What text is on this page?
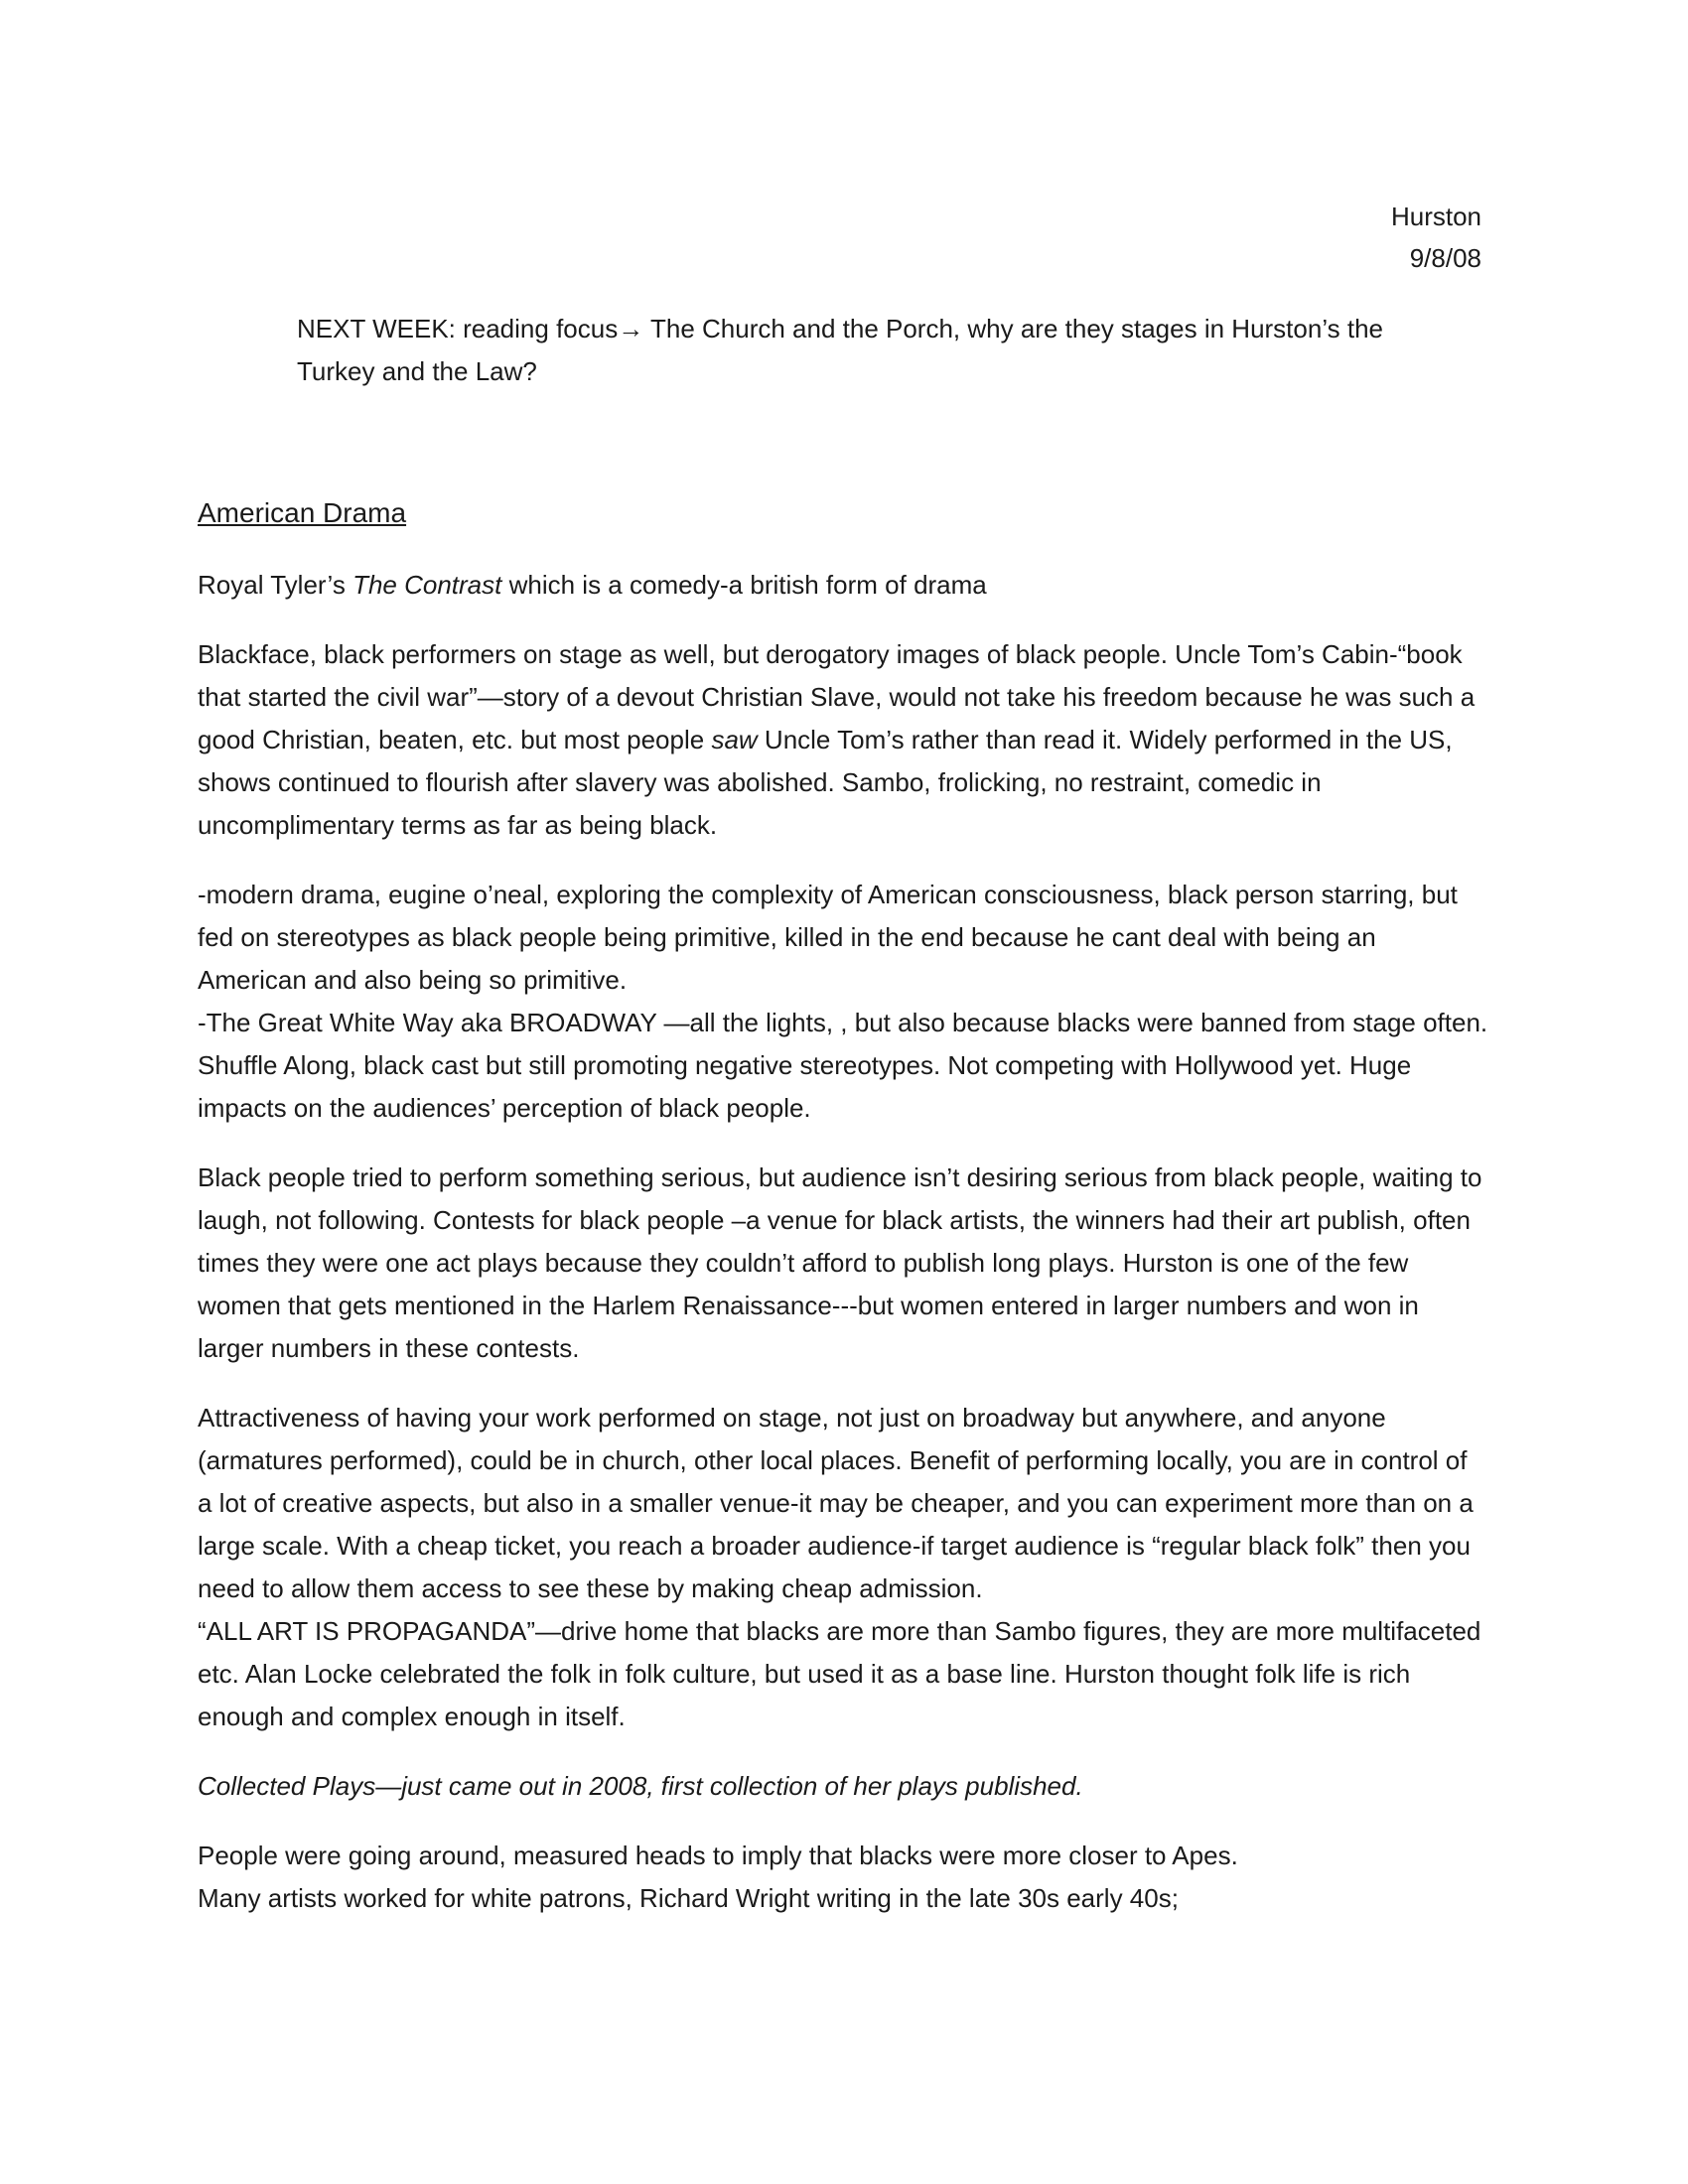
Hurston
9/8/08
NEXT WEEK: reading focus→ The Church and the Porch, why are they stages in Hurston’s the Turkey and the Law?
American Drama

Royal Tyler’s The Contrast which is a comedy-a british form of drama

Blackface, black performers on stage as well, but derogatory images of black people. Uncle Tom’s Cabin-“book that started the civil war”—story of a devout Christian Slave, would not take his freedom because he was such a good Christian, beaten, etc. but most people saw Uncle Tom’s rather than read it. Widely performed in the US, shows continued to flourish after slavery was abolished. Sambo, frolicking, no restraint, comedic in uncomplimentary terms as far as being black.

-modern drama, eugine o’neal, exploring the complexity of American consciousness, black person starring, but fed on stereotypes as black people being primitive, killed in the end because he cant deal with being an American and also being so primitive.

-The Great White Way aka BROADWAY —all the lights, , but also because blacks were banned from stage often. Shuffle Along, black cast but still promoting negative stereotypes. Not competing with Hollywood yet. Huge impacts on the audiences’ perception of black people.

Black people tried to perform something serious, but audience isn’t desiring serious from black people, waiting to laugh, not following. Contests for black people –a venue for black artists, the winners had their art publish, often times they were one act plays because they couldn’t afford to publish long plays. Hurston is one of the few women that gets mentioned in the Harlem Renaissance---but women entered in larger numbers and won in larger numbers in these contests.

Attractiveness of having your work performed on stage, not just on broadway but anywhere, and anyone (armatures performed), could be in church, other local places. Benefit of performing locally, you are in control of a lot of creative aspects, but also in a smaller venue-it may be cheaper, and you can experiment more than on a large scale. With a cheap ticket, you reach a broader audience-if target audience is “regular black folk” then you need to allow them access to see these by making cheap admission.

“ALL ART IS PROPAGANDA”—drive home that blacks are more than Sambo figures, they are more multifaceted etc. Alan Locke celebrated the folk in folk culture, but used it as a base line. Hurston thought folk life is rich enough and complex enough in itself.

Collected Plays—just came out in 2008, first collection of her plays published.

People were going around, measured heads to imply that blacks were more closer to Apes.

Many artists worked for white patrons, Richard Wright writing in the late 30s early 40s;
